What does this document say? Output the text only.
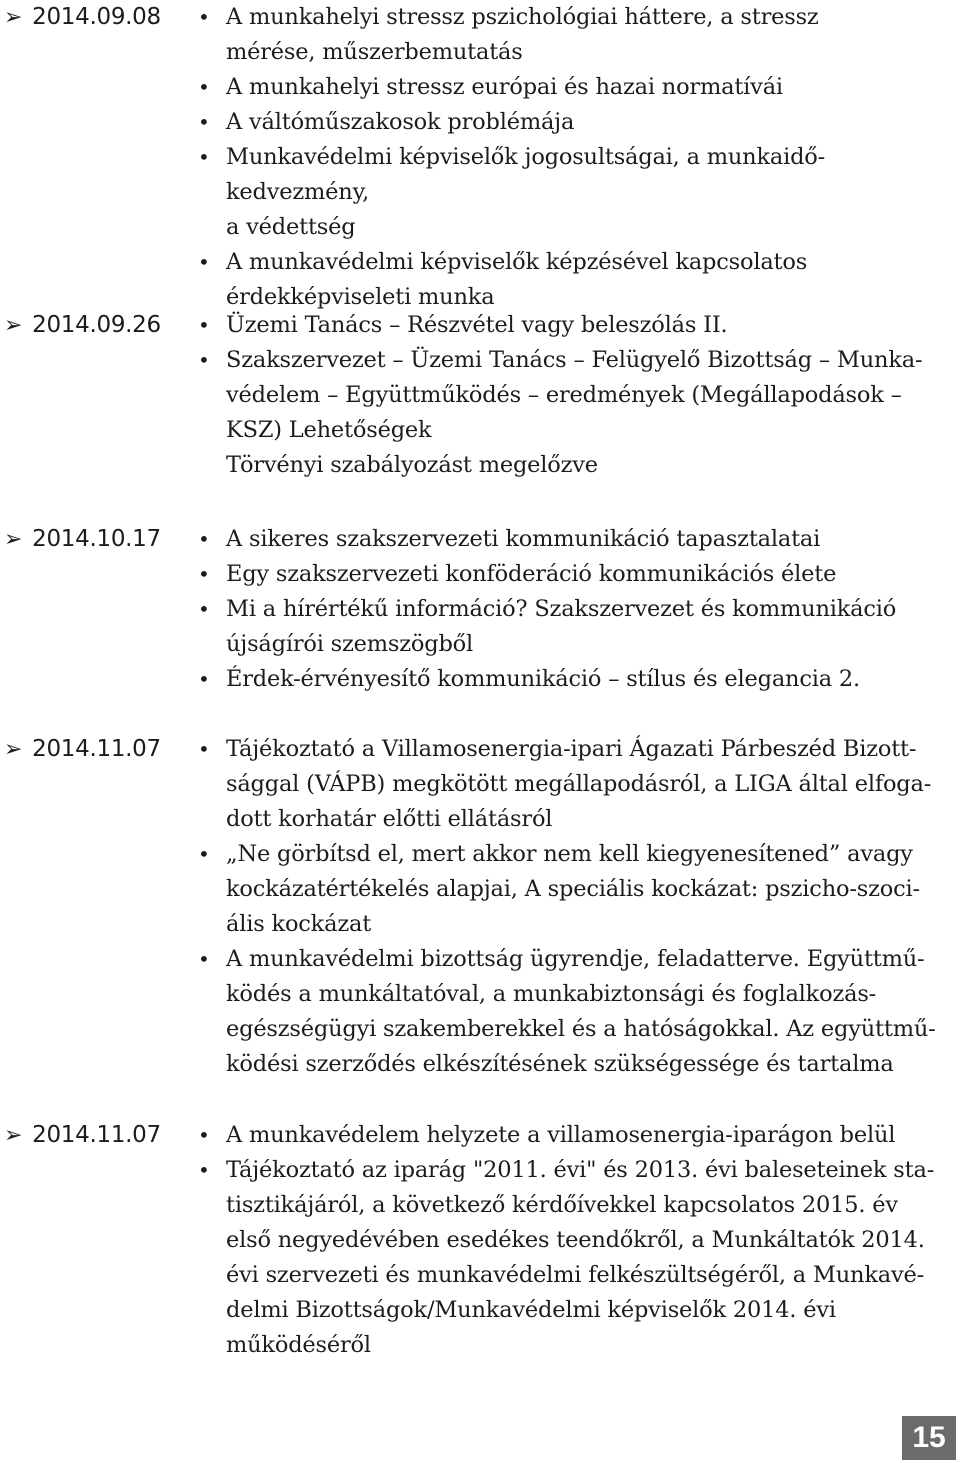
➢ 2014.09.08 • A munkahelyi stressz pszichológiai háttere, a stressz
mérése, műszerbemutatás
• A munkahelyi stressz európai és hazai normatívái
• A váltóműszakosok problémája
• Munkavédelmi képviselők jogosultságai, a munkaidő-kedvezmény,
a védettség
• A munkavédelmi képviselők képzésével kapcsolatos
érdekképviseleti munka
➢ 2014.09.26 • Üzemi Tanács – Részvétel vagy beleszólás II.
• Szakszervezet – Üzemi Tanács – Felügyelő Bizottság – Munka-
védelem – Együttműködés – eredmények (Megállapodások –
KSZ) Lehetőségek
Törvényi szabályozást megelőzve
➢ 2014.10.17 • A sikeres szakszervezeti kommunikáció tapasztalatai
• Egy szakszervezeti konföderáció kommunikációs élete
• Mi a hírértékű információ? Szakszervezet és kommunikáció
újságírói szemszögből
• Érdek-érvényesítő kommunikáció – stílus és elegancia 2.
➢ 2014.11.07 • Tájékoztató a Villamosenergia-ipari Ágazati Párbeszéd Bizott-
sággal (VÁPB) megkötött megállapodásról, a LIGA által elfoga-
dott korhatár előtti ellátásról
• „Ne görbítsd el, mert akkor nem kell kiegyenesítened” avagy
kockázatértékelés alapjai, A speciális kockázat: pszicho-szoci-
ális kockázat
• A munkavédelmi bizottság ügyrendje, feladatterve. Együttmű-
ködés a munkáltatóval, a munkabiztonsági és foglalkozás-
egészségügyi szakemberekkel és a hatóságokkal. Az együttmű-
ködési szerződés elkészítésének szükségessége és tartalma
➢ 2014.11.07 • A munkavédelem helyzete a villamosenergia-iparágon belül
• Tájékoztató az iparág "2011. évi" és 2013. évi baleseteinek sta-
tisztikájáról, a következő kérdőívekkel kapcsolatos 2015. év
első negyedévében esedékes teendőkről, a Munkáltatók 2014.
évi szervezeti és munkavédelmi felkészültségéről, a Munkavé-
delmi Bizottságok/Munkavédelmi képviselők 2014. évi működéséről
15
